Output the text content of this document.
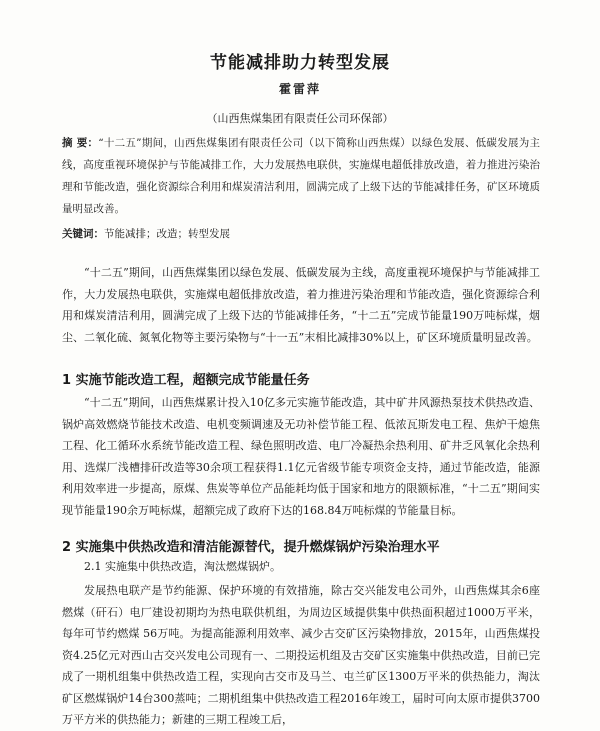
节能减排助力转型发展
霍雷萍
（山西焦煤集团有限责任公司环保部）
摘 要：“十二五”期间，山西焦煤集团有限责任公司（以下简称山西焦煤）以绿色发展、低碳发展为主线，高度重视环境保护与节能减排工作，大力发展热电联供，实施煤电超低排放改造，着力推进污染治理和节能改造，强化资源综合利用和煤炭清洁利用，圆满完成了上级下达的节能减排任务，矿区环境质量明显改善。
关键词：节能减排；改造；转型发展

“十二五”期间，山西焦煤集团以绿色发展、低碳发展为主线，高度重视环境保护与节能减排工作，大力发展热电联供，实施煤电超低排放改造，着力推进污染治理和节能改造，强化资源综合利用和煤炭清洁利用，圆满完成了上级下达的节能减排任务，“十二五”完成节能量190万吨标煤，烟尘、二氧化硫、氮氧化物等主要污染物与“十一五”末相比减排30%以上，矿区环境质量明显改善。

1 实施节能改造工程，超额完成节能量任务

“十二五”期间，山西焦煤累计投入10亿多元实施节能改造，其中矿井风源热泵技术供热改造、锅炉高效燃烧节能技术改造、电机变频调速及无功补偿节能工程、低浓瓦斯发电工程、焦炉干熄焦工程、化工循环水系统节能改造工程、绿色照明改造、电厂冷凝热余热利用、矿井乏风氧化余热利用、选煤厂浅槽排矸改造等30余项工程获得1.1亿元省级节能专项资金支持，通过节能改造，能源利用效率进一步提高，原煤、焦炭等单位产品能耗均低于国家和地方的限额标准，“十二五”期间实现节能量190余万吨标煤，超额完成了政府下达的168.84万吨标煤的节能量目标。

2 实施集中供热改造和清洁能源替代，提升燃煤锅炉污染治理水平
2.1 实施集中供热改造，淘汰燃煤锅炉。

发展热电联产是节约能源、保护环境的有效措施，除古交兴能发电公司外，山西焦煤其余6座燃煤（矸石）电厂建设初期均为热电联供机组，为周边区域提供集中供热面积超过1000万平米，每年可节约燃煤 56万吨。为提高能源利用效率、减少古交矿区污染物排放，2015年，山西焦煤投资4.25亿元对西山古交兴发电公司现有一、二期投运机组及古交矿区实施集中供热改造，目前已完成了一期机组集中供热改造工程，实现向古交市及马兰、屯兰矿区1300万平米的供热能力，淘汰矿区燃煤锅炉14台300蒸吨；二期机组集中供热改造工程2016年竣工，届时可向太原市提供3700万平方米的供热能力；新建的三期工程竣工后，
